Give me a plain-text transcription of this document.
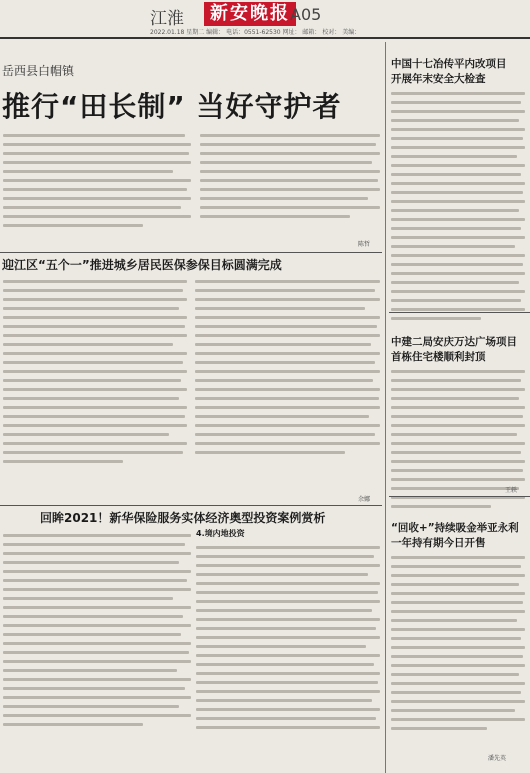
江淮	新安晚报 A05
2022.01.18 星期二 编辑： 电话：0551-62530 网址： 邮箱： 校对： 美编：
岳西县白帽镇
推行“田长制” 当好守护者
陈哲
迎江区“五个一”推进城乡居民医保参保目标圆满完成
余娜
回眸2021！新华保险服务实体经济奥型投资案例赏析
4.境内地投资
中国十七冶传平内改项目
开展年末安全大检查
中建二局安庆万达广场项目
首栋住宅楼顺利封顶
王轶
“回收+”持续吸金举亚永利
一年持有期今日开售
潘先英
